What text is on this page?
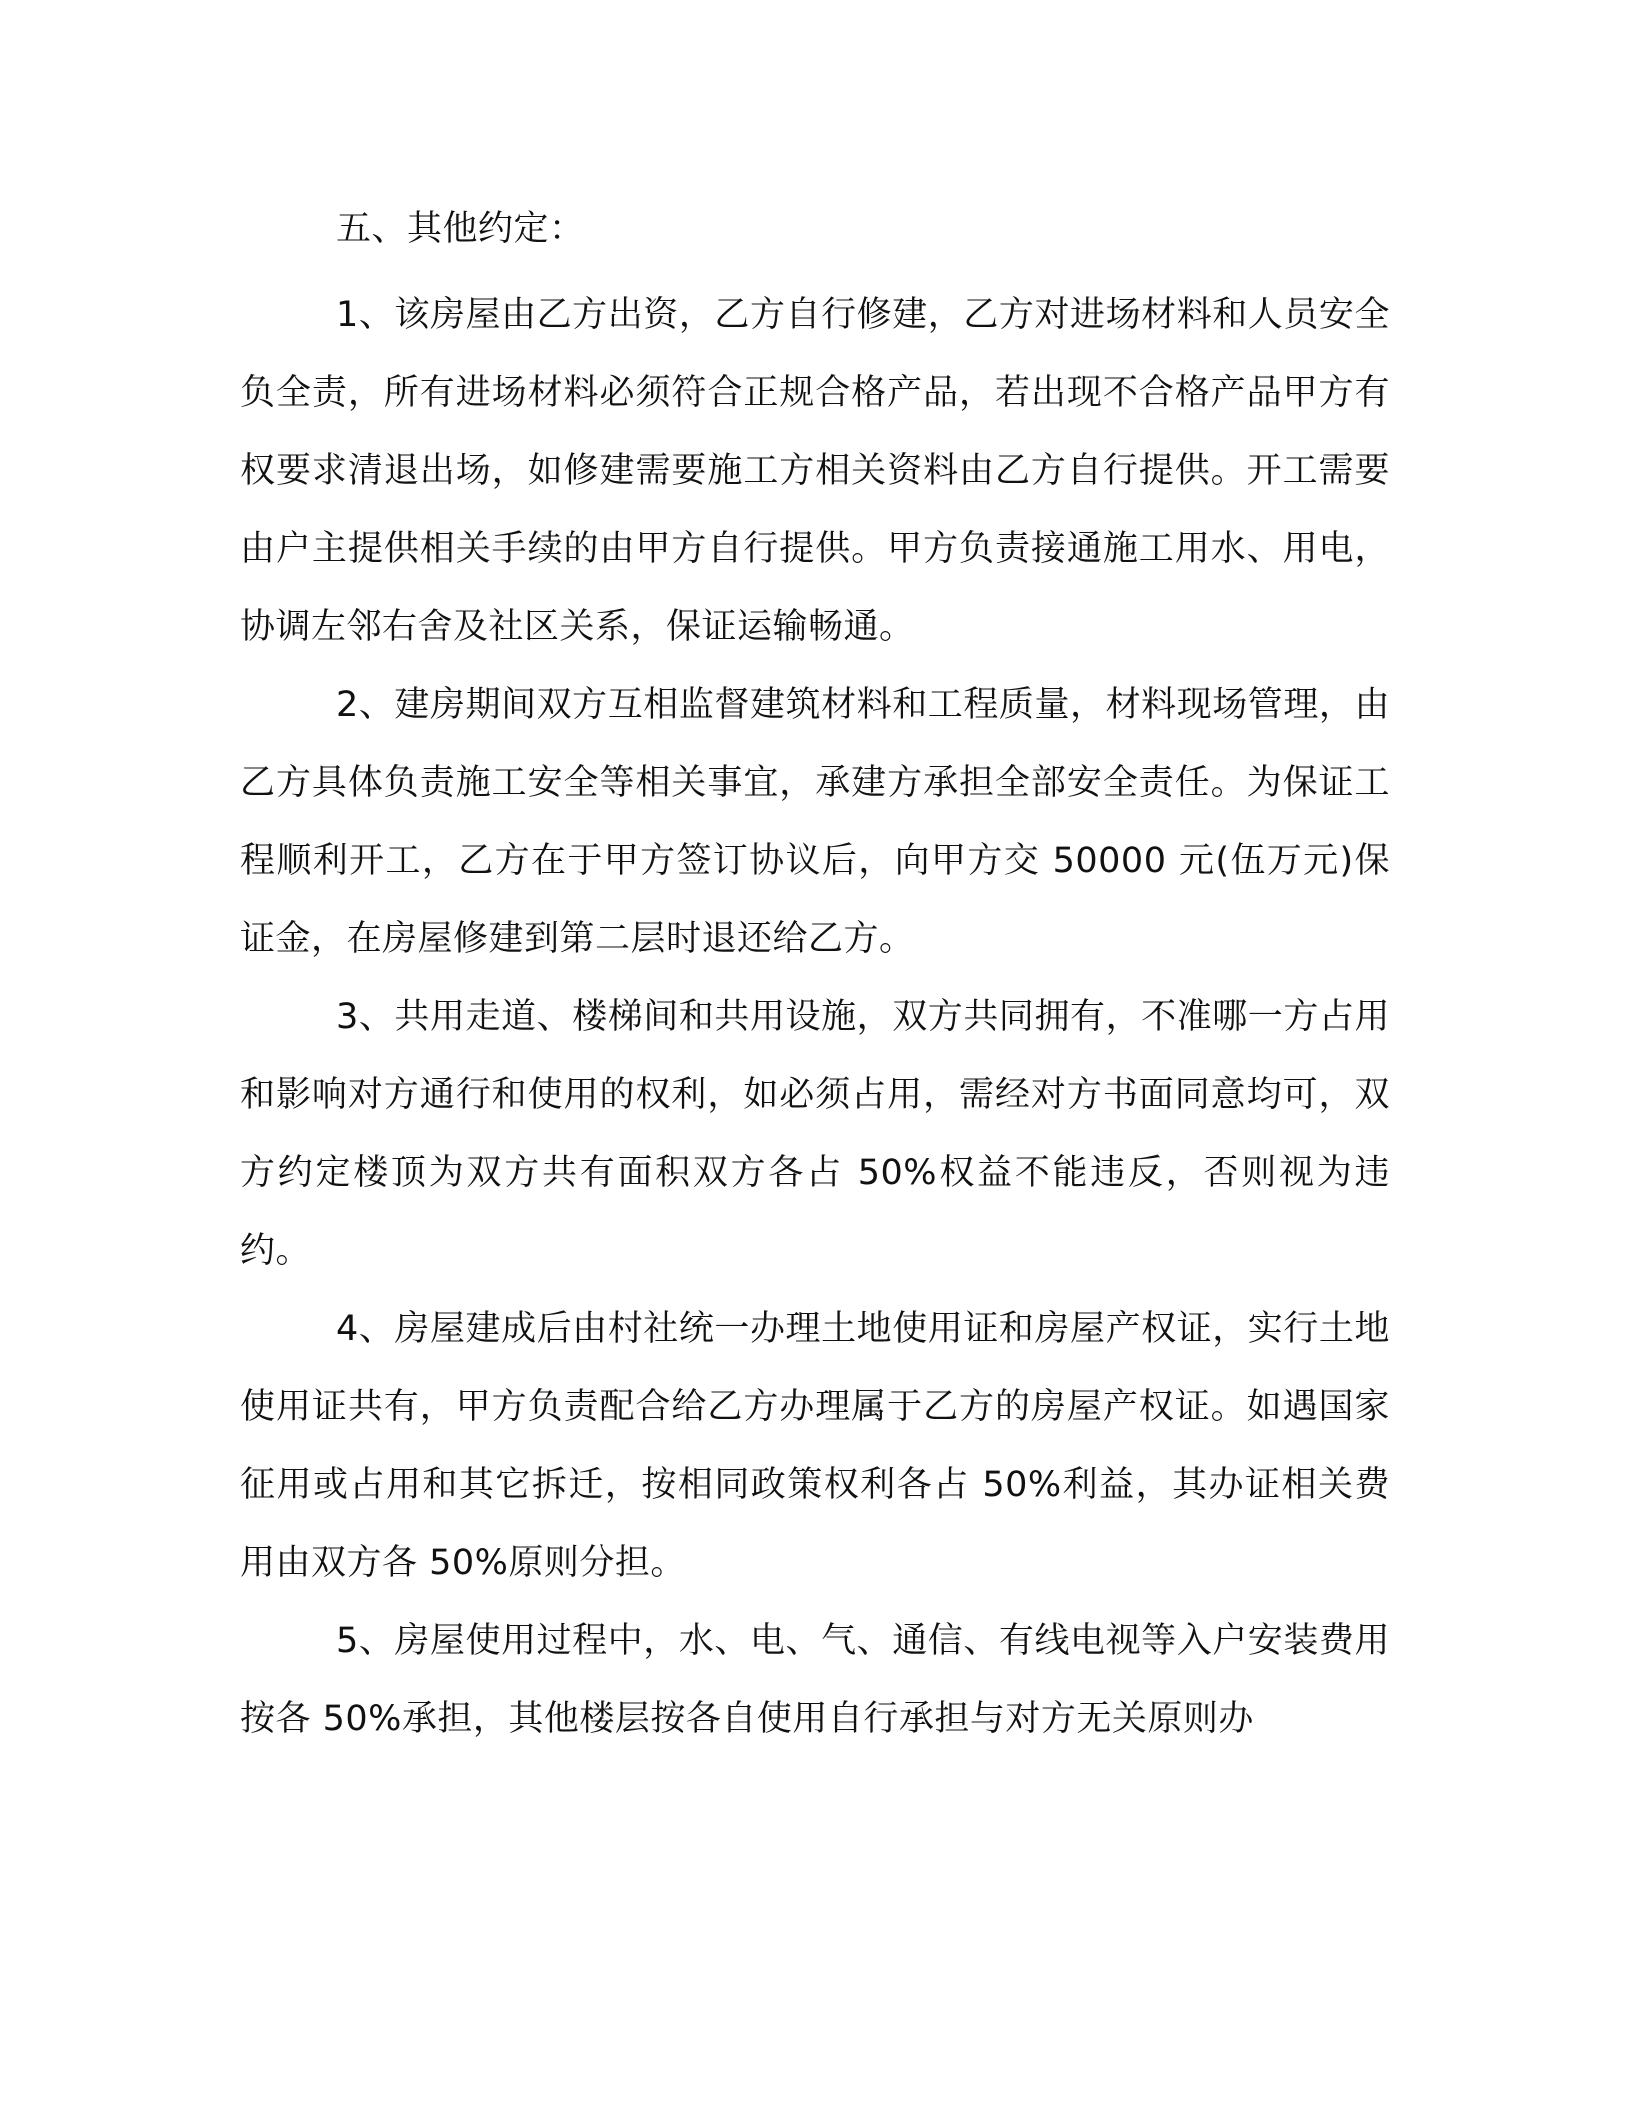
五、其他约定：

1、该房屋由乙方出资，乙方自行修建，乙方对进场材料和人员安全负全责，所有进场材料必须符合正规合格产品，若出现不合格产品甲方有权要求清退出场，如修建需要施工方相关资料由乙方自行提供。开工需要由户主提供相关手续的由甲方自行提供。甲方负责接通施工用水、用电，协调左邻右舍及社区关系，保证运输畅通。

2、建房期间双方互相监督建筑材料和工程质量，材料现场管理，由乙方具体负责施工安全等相关事宜，承建方承担全部安全责任。为保证工程顺利开工，乙方在于甲方签订协议后，向甲方交 50000 元(伍万元)保证金，在房屋修建到第二层时退还给乙方。

3、共用走道、楼梯间和共用设施，双方共同拥有，不准哪一方占用和影响对方通行和使用的权利，如必须占用，需经对方书面同意均可，双方约定楼顶为双方共有面积双方各占 50%权益不能违反，否则视为违约。

4、房屋建成后由村社统一办理土地使用证和房屋产权证，实行土地使用证共有，甲方负责配合给乙方办理属于乙方的房屋产权证。如遇国家征用或占用和其它拆迁，按相同政策权利各占 50%利益，其办证相关费用由双方各 50%原则分担。

5、房屋使用过程中，水、电、气、通信、有线电视等入户安装费用按各 50%承担，其他楼层按各自使用自行承担与对方无关原则办
